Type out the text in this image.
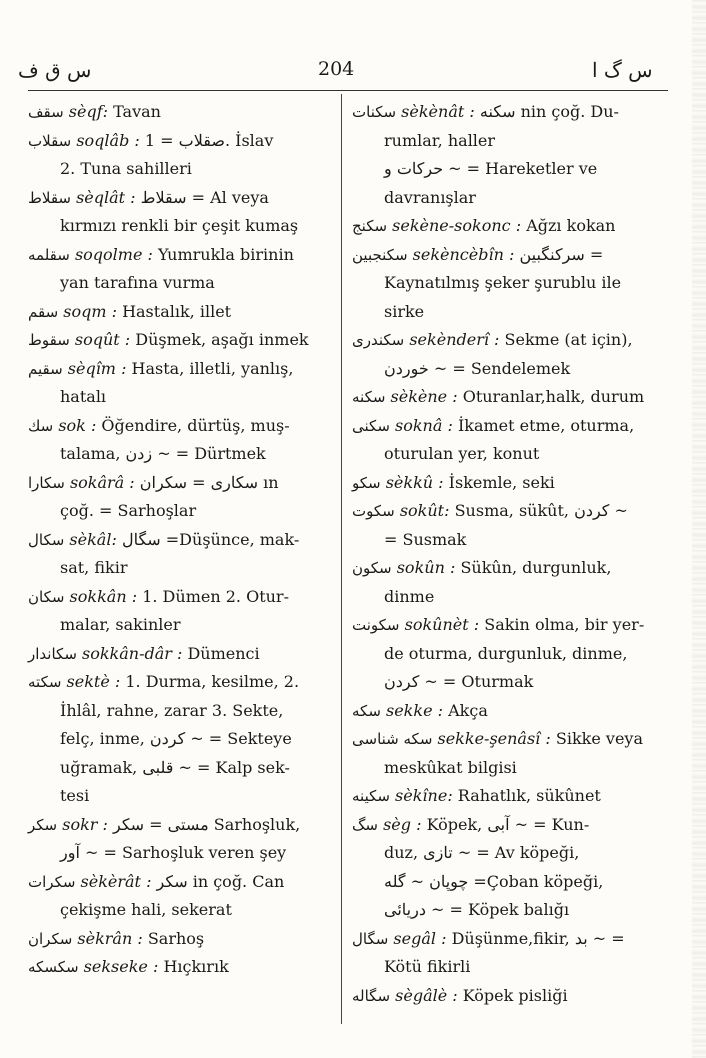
س ق ف	204	س گ ا

سقف sèqf: Tavan

سقلاب soqlâb : صقلاب = 1. İslav
2. Tuna sahilleri

سقلاط sèqlât : سقلاط = Al veya
kırmızı renkli bir çeşit kumaş

سقلمه soqolme : Yumrukla birinin
yan tarafına vurma

سقم soqm : Hastalık, illet

سقوط soqût : Düşmek, aşağı inmek

سقيم sèqîm : Hasta, illetli, yanlış,
hatalı

سك sok : Öğendire, dürtüş, muş-
talama, زدن ~ = Dürtmek

سكارا sokârâ : سكارى = سكران ın
çoğ. = Sarhoşlar

سكال sèkâl: سگال =Düşünce, mak-
sat, fikir

سكان sokkân : 1. Dümen 2. Otur-
malar, sakinler

سكاندار sokkân-dâr : Dümenci

سكته sektè : 1. Durma, kesilme, 2.
İhlâl, rahne, zarar 3. Sekte,
felç, inme, كردن ~ = Sekteye
uğramak, قلبى ~ = Kalp sek-
tesi

سكر sokr : مستى = سكر Sarhoşluk,
آور ~ = Sarhoşluk veren şey

سكرات sèkèrât : سكر in çoğ. Can
çekişme hali, sekerat

سكران sèkrân : Sarhoş

سكسكه sekseke : Hıçkırık

سكنات sèkènât : سكنه nin çoğ. Du-
rumlar, haller
حركات و ~ = Hareketler ve
davranışlar

سكنج sekène-sokonc : Ağzı kokan

سكنجبين sekèncèbîn : سركنگبين =
Kaynatılmış şeker şurublu ile
sirke

سكندرى sekènderî : Sekme (at için),
خوردن ~ = Sendelemek

سكنه sèkène : Oturanlar,halk, durum

سكنى soknâ : İkamet etme, oturma,
oturulan yer, konut

سكو sèkkû : İskemle, seki

سكوت sokût: Susma, sükût, كردن ~
= Susmak

سكون sokûn : Sükûn, durgunluk,
dinme

سكونت sokûnèt : Sakin olma, bir yer-
de oturma, durgunluk, dinme,
كردن ~ = Oturmak

سكه sekke : Akça

سكه شناسى sekke-şenâsî : Sikke veya
meskûkat bilgisi

سكينه sèkîne: Rahatlık, sükûnet

سگ sèg : Köpek, آبى ~ = Kun-
duz, تازى ~ = Av köpeği,
چوپان ~ گله =Çoban köpeği,
دريائى ~ = Köpek balığı

سگال segâl : Düşünme,fikir, بد ~ =
Kötü fikirli

سگاله sègâlè : Köpek pisliği
